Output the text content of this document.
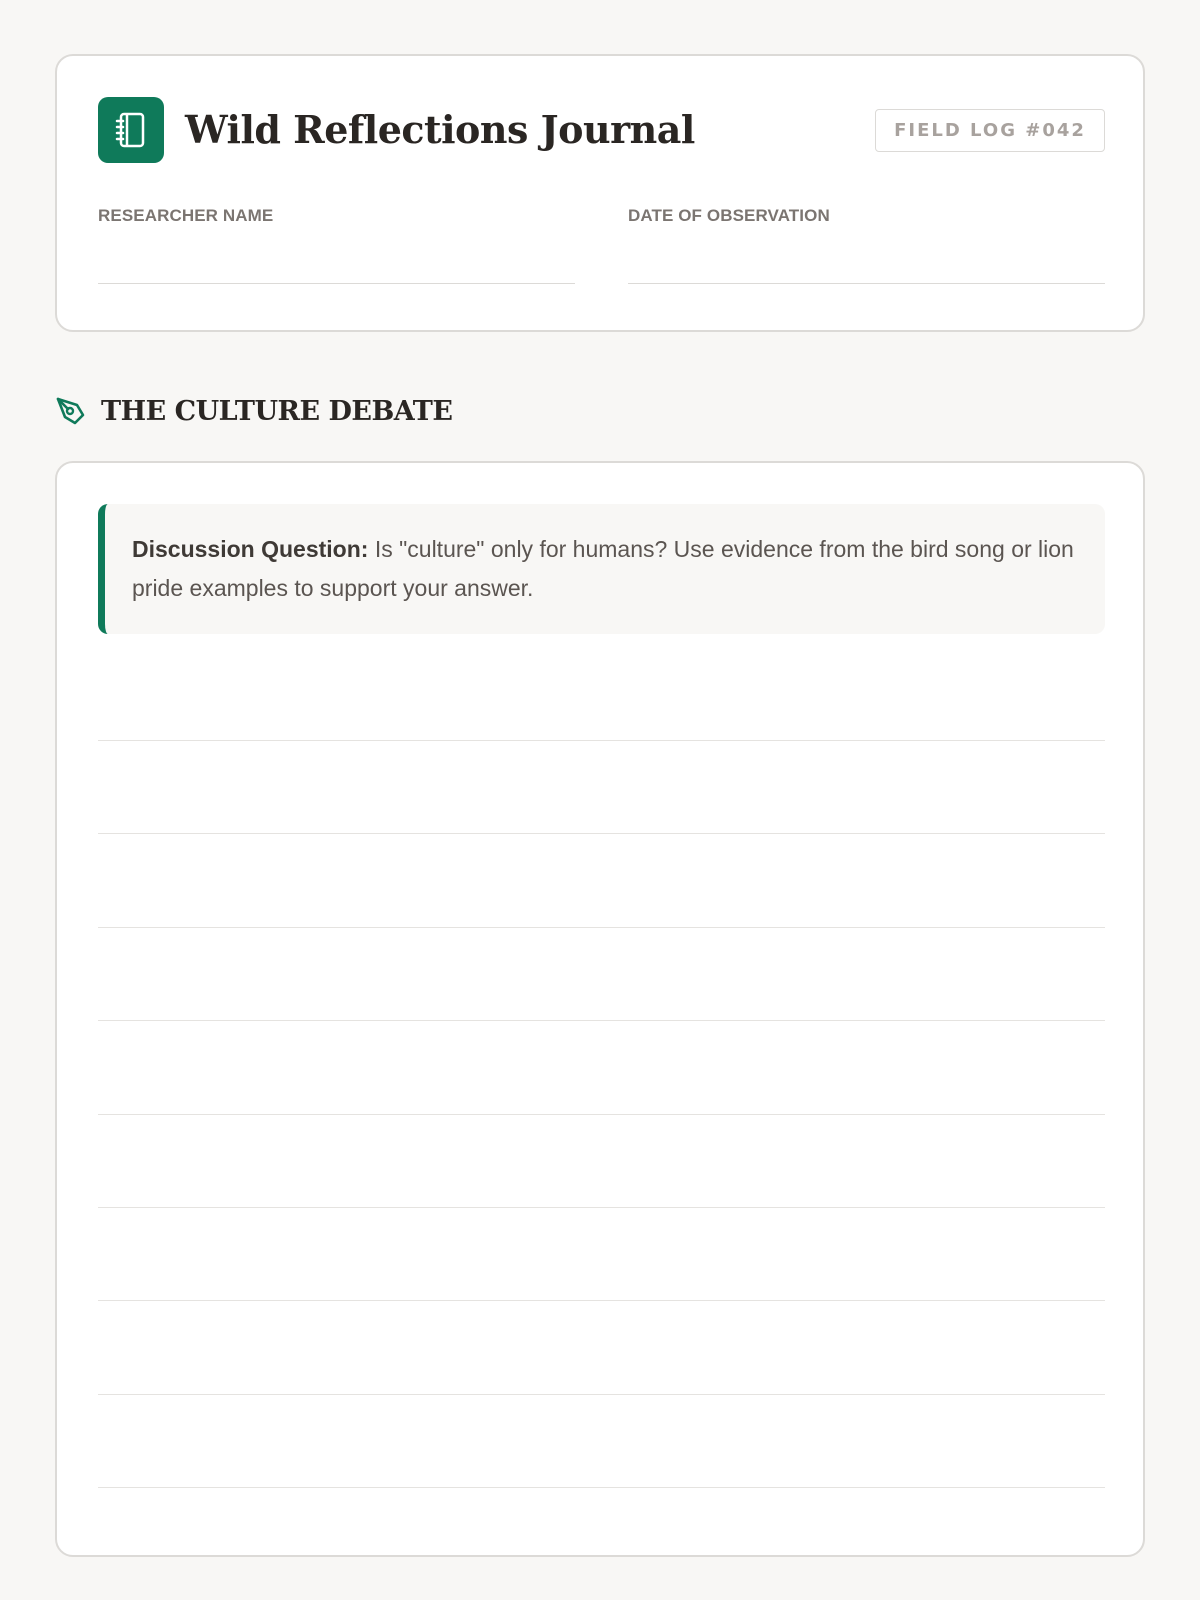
Wild Reflections Journal	FIELD LOG #042
RESEARCHER NAME	DATE OF OBSERVATION
THE CULTURE DEBATE
Discussion Question: Is "culture" only for humans? Use evidence from the bird song or lion pride examples to support your answer.
